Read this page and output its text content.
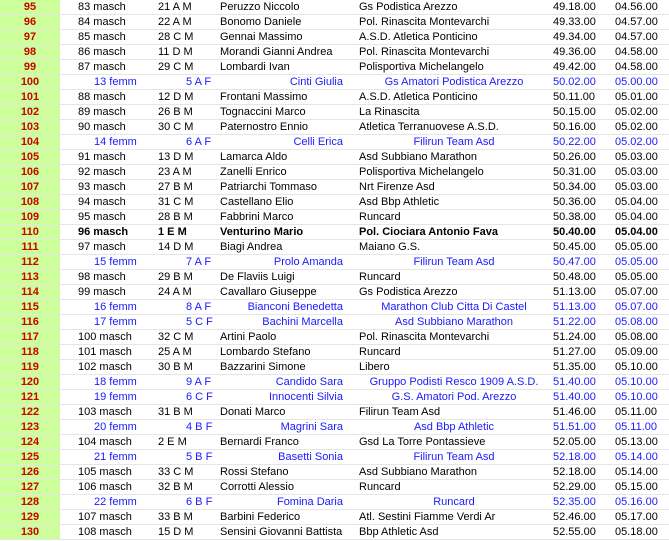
95		83 masch	21 A M	Peruzzo Niccolo	Gs Podistica Arezzo	49.18.00	04.56.00
96		84 masch	22 A M	Bonomo Daniele	Pol. Rinascita Montevarchi	49.33.00	04.57.00
97		85 masch	28 C M	Gennai Massimo	A.S.D. Atletica Ponticino	49.34.00	04.57.00
98		86 masch	11 D M	Morandi Gianni Andrea	Pol. Rinascita Montevarchi	49.36.00	04.58.00
99		87 masch	29 C M	Lombardi Ivan	Polisportiva Michelangelo	49.42.00	04.58.00
100		13 femm	5 A F	Cinti Giulia	Gs Amatori Podistica Arezzo	50.02.00	05.00.00
101		88 masch	12 D M	Frontani Massimo	A.S.D. Atletica Ponticino	50.11.00	05.01.00
102		89 masch	26 B M	Tognaccini Marco	La Rinascita	50.15.00	05.02.00
103		90 masch	30 C M	Paternostro Ennio	Atletica Terranuovese A.S.D.	50.16.00	05.02.00
104		14 femm	6 A F	Celli Erica	Filirun Team Asd	50.22.00	05.02.00
105		91 masch	13 D M	Lamarca Aldo	Asd Subbiano Marathon	50.26.00	05.03.00
106		92 masch	23 A M	Zanelli Enrico	Polisportiva Michelangelo	50.31.00	05.03.00
107		93 masch	27 B M	Patriarchi Tommaso	Nrt Firenze Asd	50.34.00	05.03.00
108		94 masch	31 C M	Castellano Elio	Asd Bbp Athletic	50.36.00	05.04.00
109		95 masch	28 B M	Fabbrini Marco	Runcard	50.38.00	05.04.00
110		96 masch	1 E M	Venturino Mario	Pol. Ciociara Antonio Fava	50.40.00	05.04.00
111		97 masch	14 D M	Biagi Andrea	Maiano G.S.	50.45.00	05.05.00
112		15 femm	7 A F	Prolo Amanda	Filirun Team Asd	50.47.00	05.05.00
113		98 masch	29 B M	De Flaviis Luigi	Runcard	50.48.00	05.05.00
114		99 masch	24 A M	Cavallaro Giuseppe	Gs Podistica Arezzo	51.13.00	05.07.00
115		16 femm	8 A F	Bianconi Benedetta	Marathon Club Citta Di Castel	51.13.00	05.07.00
116		17 femm	5 C F	Bachini Marcella	Asd Subbiano Marathon	51.22.00	05.08.00
117		100 masch	32 C M	Artini Paolo	Pol. Rinascita Montevarchi	51.24.00	05.08.00
118		101 masch	25 A M	Lombardo Stefano	Runcard	51.27.00	05.09.00
119		102 masch	30 B M	Bazzarini Simone	Libero	51.35.00	05.10.00
120		18 femm	9 A F	Candido Sara	Gruppo Podisti Resco 1909 A.S.D.	51.40.00	05.10.00
121		19 femm	6 C F	Innocenti Silvia	G.S. Amatori Pod. Arezzo	51.40.00	05.10.00
122		103 masch	31 B M	Donati Marco	Filirun Team Asd	51.46.00	05.11.00
123		20 femm	4 B F	Magrini Sara	Asd Bbp Athletic	51.51.00	05.11.00
124		104 masch	2 E M	Bernardi Franco	Gsd La Torre Pontassieve	52.05.00	05.13.00
125		21 femm	5 B F	Basetti Sonia	Filirun Team Asd	52.18.00	05.14.00
126		105 masch	33 C M	Rossi Stefano	Asd Subbiano Marathon	52.18.00	05.14.00
127		106 masch	32 B M	Corrotti Alessio	Runcard	52.29.00	05.15.00
128		22 femm	6 B F	Fomina Daria	Runcard	52.35.00	05.16.00
129		107 masch	33 B M	Barbini Federico	Atl. Sestini Fiamme Verdi Ar	52.46.00	05.17.00
130		108 masch	15 D M	Sensini Giovanni Battista	Bbp Athletic Asd	52.55.00	05.18.00
